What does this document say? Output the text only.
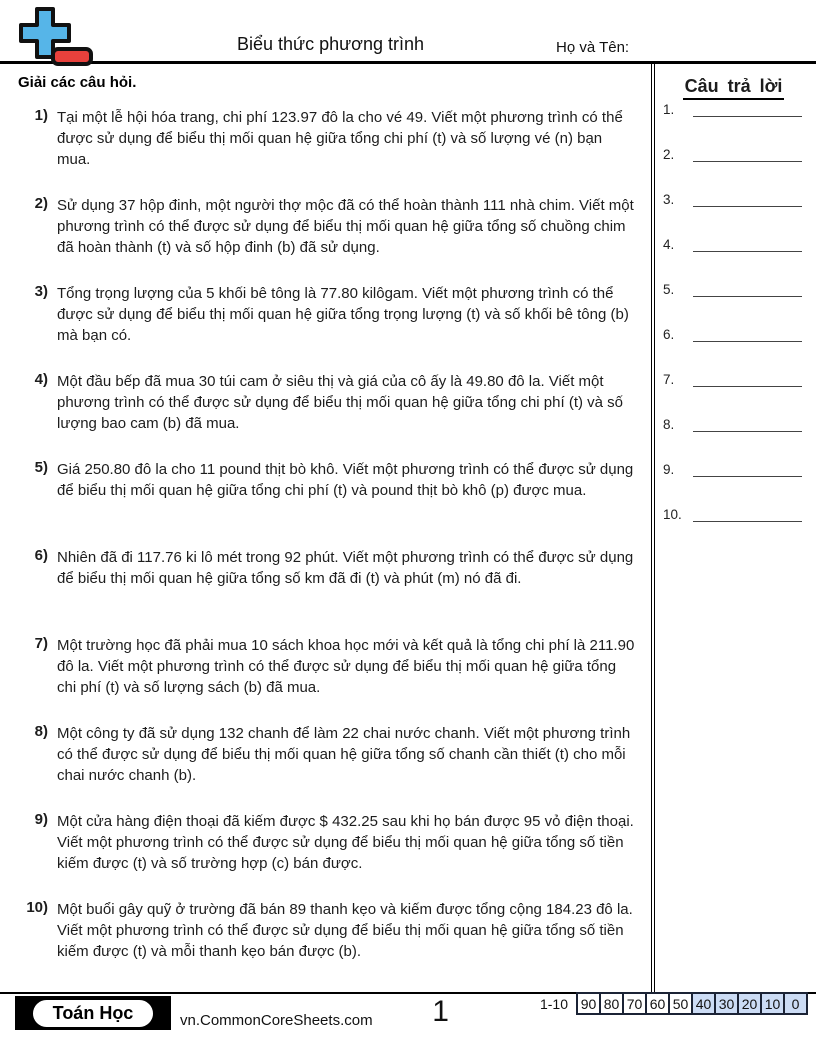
Biểu thức phương trình	Họ và Tên:
Giải các câu hỏi.
1) Tại một lễ hội hóa trang, chi phí 123.97 đô la cho vé 49. Viết một phương trình có thể được sử dụng để biểu thị mối quan hệ giữa tổng chi phí (t) và số lượng vé (n) bạn mua.
2) Sử dụng 37 hộp đinh, một người thợ mộc đã có thể hoàn thành 111 nhà chim. Viết một phương trình có thể được sử dụng để biểu thị mối quan hệ giữa tổng số chuồng chim đã hoàn thành (t) và số hộp đinh (b) đã sử dụng.
3) Tổng trọng lượng của 5 khối bê tông là 77.80 kilôgam. Viết một phương trình có thể được sử dụng để biểu thị mối quan hệ giữa tổng trọng lượng (t) và số khối bê tông (b) mà bạn có.
4) Một đầu bếp đã mua 30 túi cam ở siêu thị và giá của cô ấy là 49.80 đô la. Viết một phương trình có thể được sử dụng để biểu thị mối quan hệ giữa tổng chi phí (t) và số lượng bao cam (b) đã mua.
5) Giá 250.80 đô la cho 11 pound thịt bò khô. Viết một phương trình có thể được sử dụng để biểu thị mối quan hệ giữa tổng chi phí (t) và pound thịt bò khô (p) được mua.
6) Nhiên đã đi 117.76 ki lô mét trong 92 phút. Viết một phương trình có thể được sử dụng để biểu thị mối quan hệ giữa tổng số km đã đi (t) và phút (m) nó đã đi.
7) Một trường học đã phải mua 10 sách khoa học mới và kết quả là tổng chi phí là 211.90 đô la. Viết một phương trình có thể được sử dụng để biểu thị mối quan hệ giữa tổng chi phí (t) và số lượng sách (b) đã mua.
8) Một công ty đã sử dụng 132 chanh để làm 22 chai nước chanh. Viết một phương trình có thể được sử dụng để biểu thị mối quan hệ giữa tổng số chanh cần thiết (t) cho mỗi chai nước chanh (b).
9) Một cửa hàng điện thoại đã kiếm được $ 432.25 sau khi họ bán được 95 vỏ điện thoại. Viết một phương trình có thể được sử dụng để biểu thị mối quan hệ giữa tổng số tiền kiếm được (t) và số trường hợp (c) bán được.
10) Một buổi gây quỹ ở trường đã bán 89 thanh kẹo và kiếm được tổng cộng 184.23 đô la. Viết một phương trình có thể được sử dụng để biểu thị mối quan hệ giữa tổng số tiền kiếm được (t) và mỗi thanh kẹo bán được (b).
Câu trả lời
1.
2.
3.
4.
5.
6.
7.
8.
9.
10.
Toán Học	vn.CommonCoreSheets.com 1	1-10 90 80 70 60 50 40 30 20 10 0
